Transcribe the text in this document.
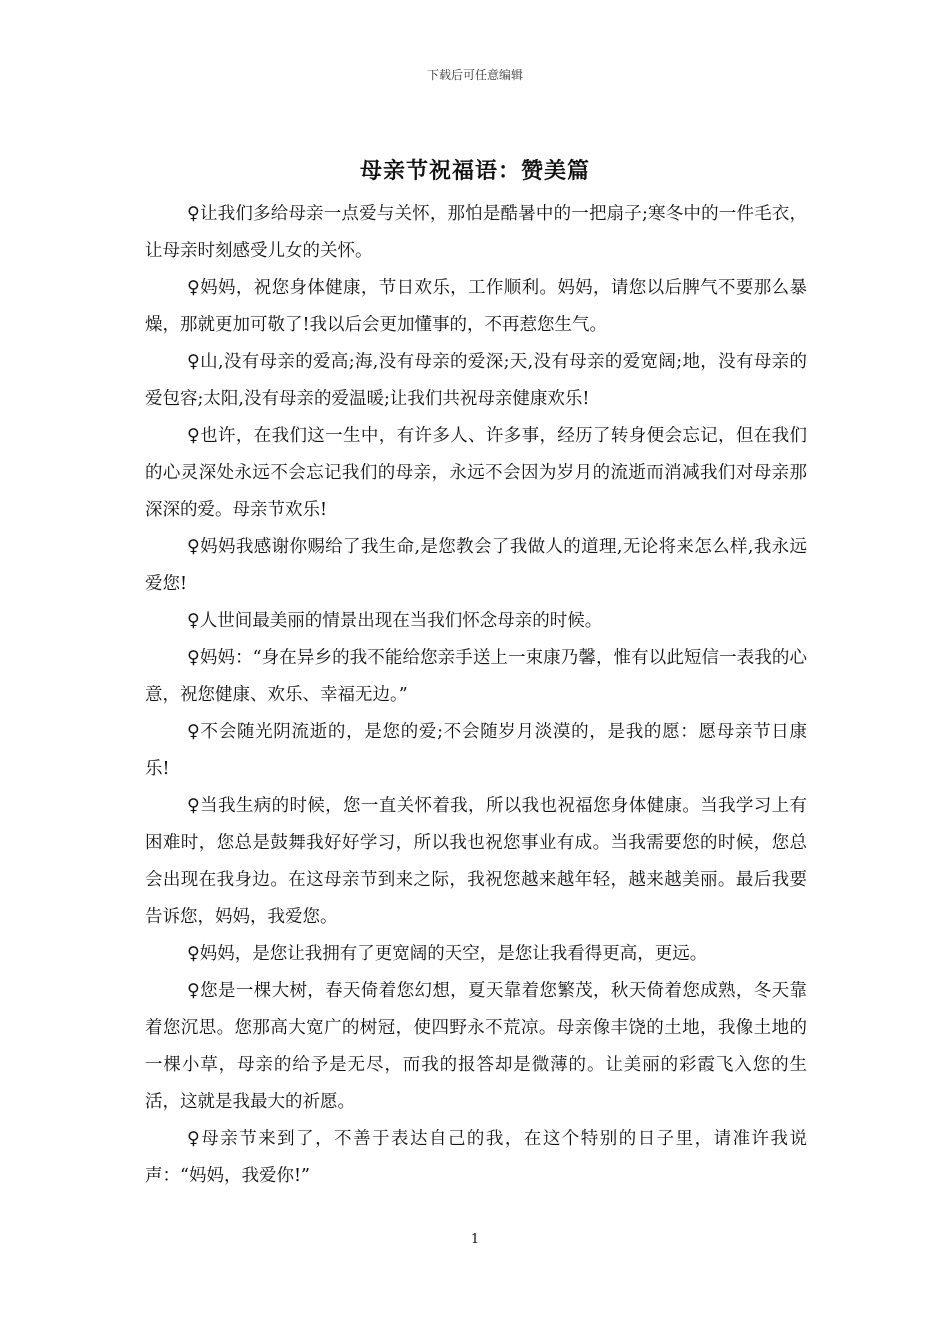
下载后可任意编辑
母亲节祝福语：赞美篇

♀让我们多给母亲一点爱与关怀，那怕是酷暑中的一把扇子;寒冬中的一件毛衣，让母亲时刻感受儿女的关怀。

♀妈妈，祝您身体健康，节日欢乐，工作顺利。妈妈，请您以后脾气不要那么暴燥，那就更加可敬了!我以后会更加懂事的，不再惹您生气。

♀山,没有母亲的爱高;海,没有母亲的爱深;天,没有母亲的爱宽阔;地，没有母亲的爱包容;太阳,没有母亲的爱温暖;让我们共祝母亲健康欢乐!

♀也许，在我们这一生中，有许多人、许多事，经历了转身便会忘记，但在我们的心灵深处永远不会忘记我们的母亲，永远不会因为岁月的流逝而消减我们对母亲那深深的爱。母亲节欢乐!

♀妈妈我感谢你赐给了我生命,是您教会了我做人的道理,无论将来怎么样,我永远爱您!

♀人世间最美丽的情景出现在当我们怀念母亲的时候。

♀妈妈：“身在异乡的我不能给您亲手送上一束康乃馨，惟有以此短信一表我的心意，祝您健康、欢乐、幸福无边。”

♀不会随光阴流逝的，是您的爱;不会随岁月淡漠的，是我的愿：愿母亲节日康乐!

♀当我生病的时候，您一直关怀着我，所以我也祝福您身体健康。当我学习上有困难时，您总是鼓舞我好好学习，所以我也祝您事业有成。当我需要您的时候，您总会出现在我身边。在这母亲节到来之际，我祝您越来越年轻，越来越美丽。最后我要告诉您，妈妈，我爱您。

♀妈妈，是您让我拥有了更宽阔的天空，是您让我看得更高，更远。

♀您是一棵大树，春天倚着您幻想，夏天靠着您繁茂，秋天倚着您成熟，冬天靠着您沉思。您那高大宽广的树冠，使四野永不荒凉。母亲像丰饶的土地，我像土地的一棵小草，母亲的给予是无尽，而我的报答却是微薄的。让美丽的彩霞飞入您的生活，这就是我最大的祈愿。

♀母亲节来到了，不善于表达自己的我，在这个特别的日子里，请准许我说声：“妈妈，我爱你!”

1
